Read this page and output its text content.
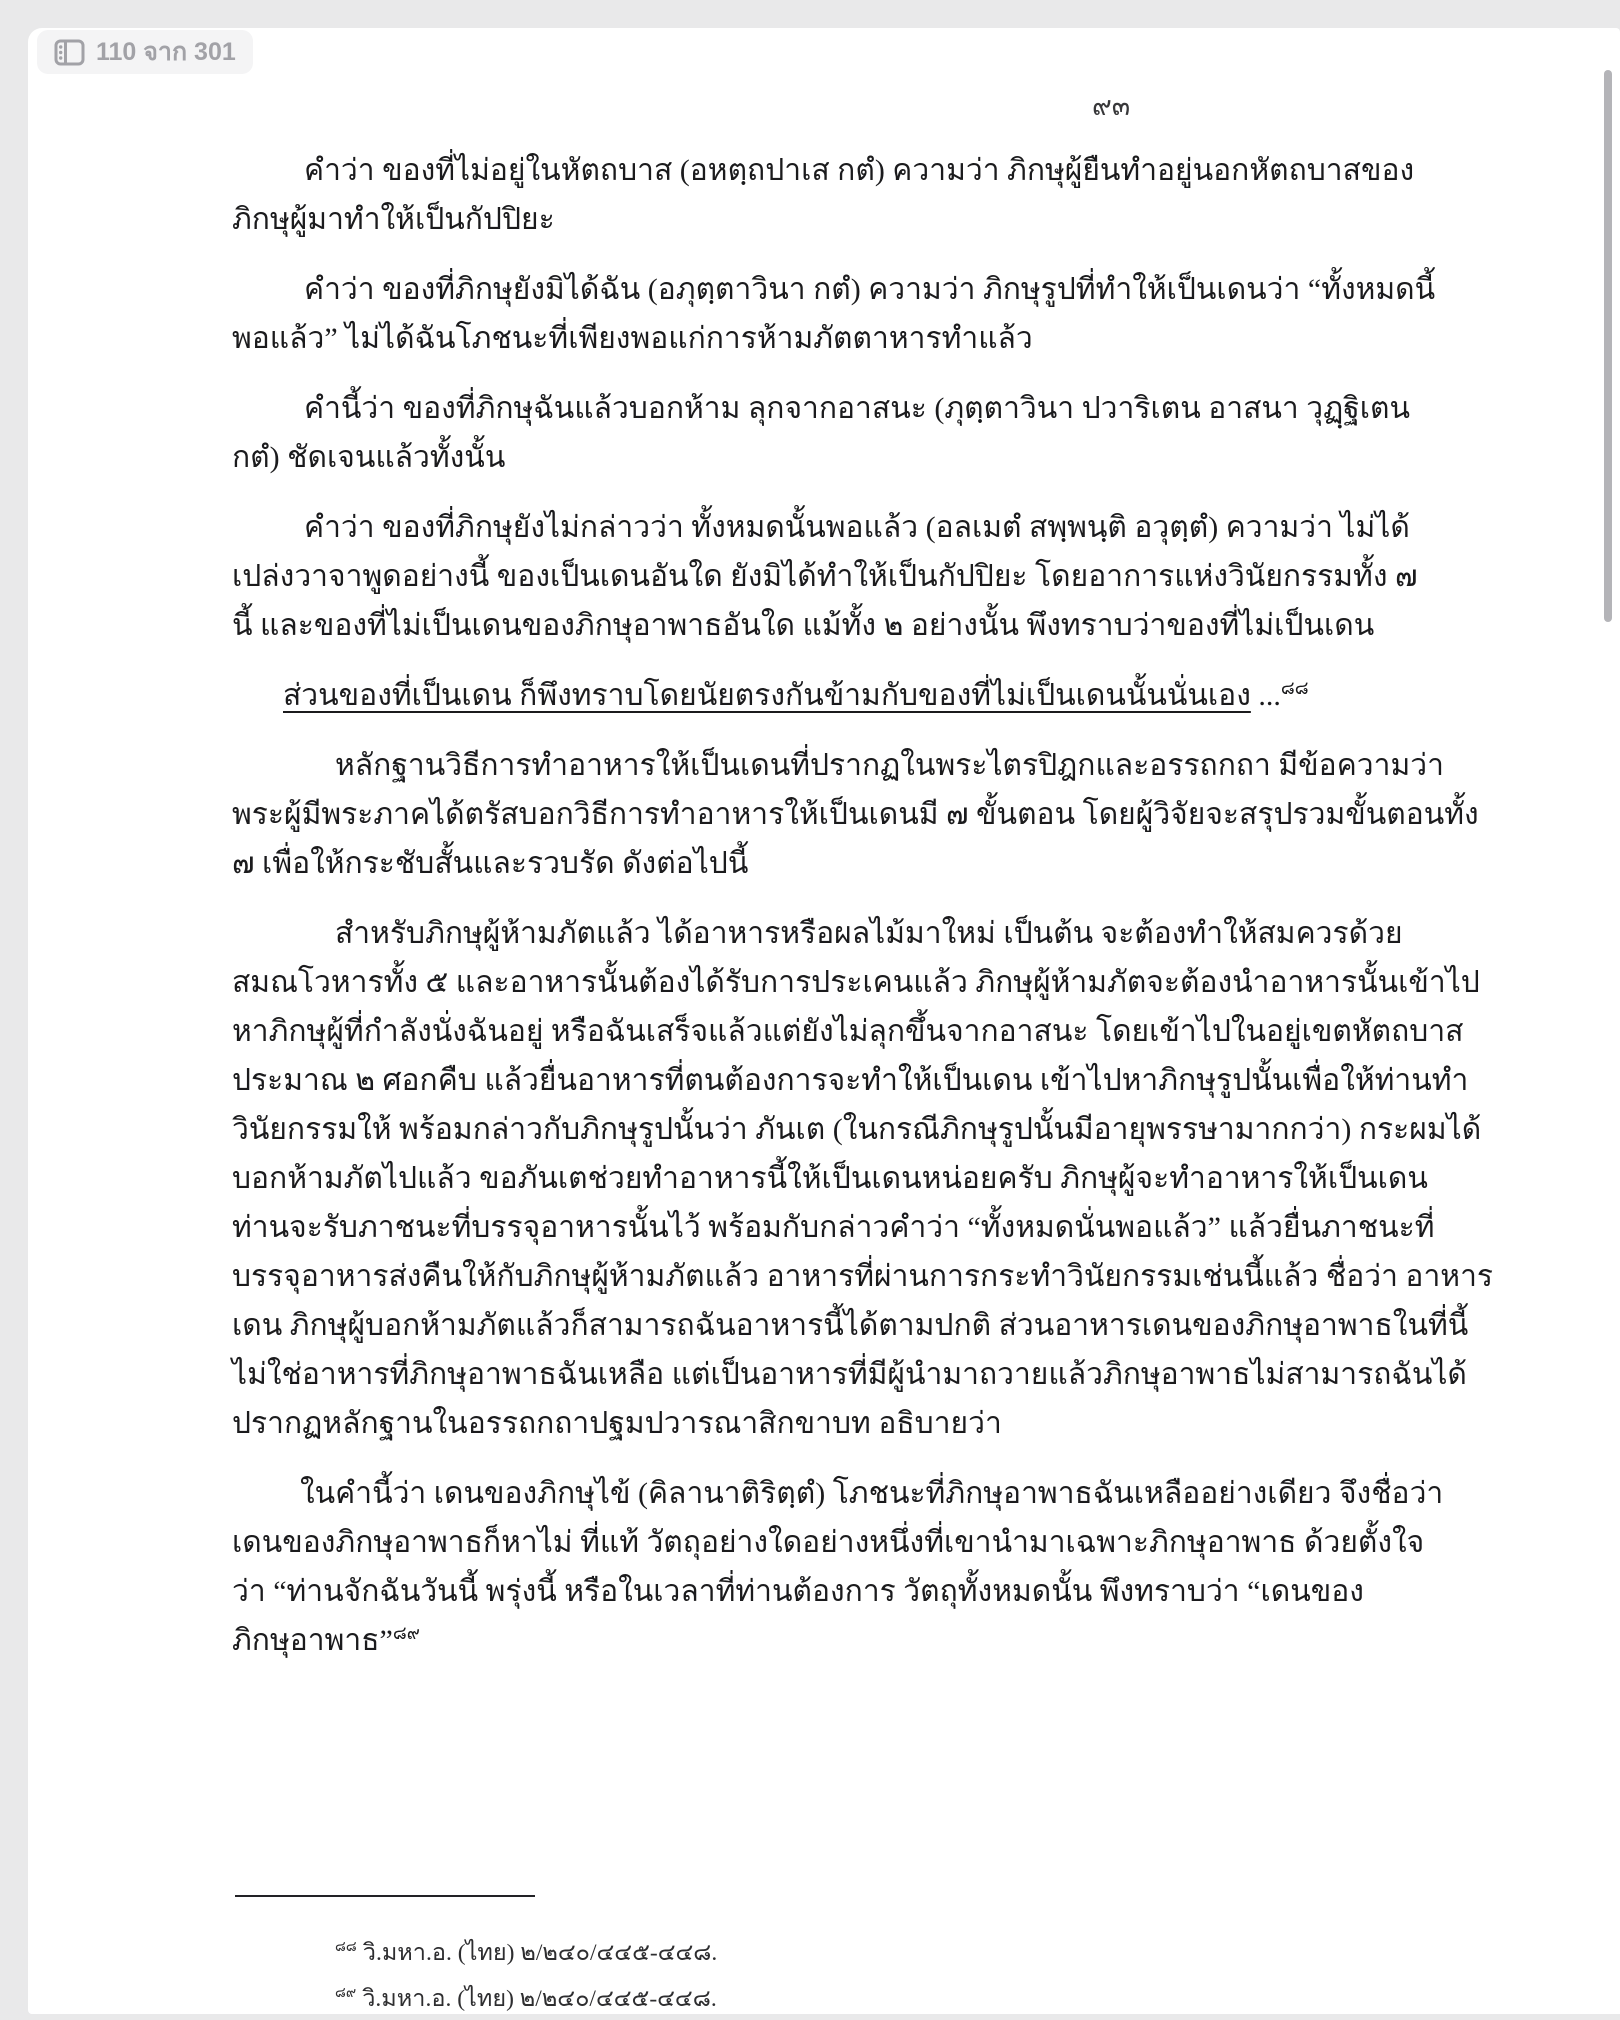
110 จาก 301
๙๓
คำว่า ของที่ไม่อยู่ในหัตถบาส (อหตฺถปาเส กตํ) ความว่า ภิกษุผู้ยืนทำอยู่นอกหัตถบาสของ
ภิกษุผู้มาทำให้เป็นกัปปิยะ
คำว่า ของที่ภิกษุยังมิได้ฉัน (อภุตฺตาวินา กตํ) ความว่า ภิกษุรูปที่ทำให้เป็นเดนว่า “ทั้งหมดนี้
พอแล้ว” ไม่ได้ฉันโภชนะที่เพียงพอแก่การห้ามภัตตาหารทำแล้ว
คำนี้ว่า ของที่ภิกษุฉันแล้วบอกห้าม ลุกจากอาสนะ (ภุตฺตาวินา ปวาริเตน อาสนา วุฏฺฐิเตน
กตํ) ชัดเจนแล้วทั้งนั้น
คำว่า ของที่ภิกษุยังไม่กล่าวว่า ทั้งหมดนั้นพอแล้ว (อลเมตํ สพฺพนฺติ อวุตฺตํ) ความว่า ไม่ได้
เปล่งวาจาพูดอย่างนี้ ของเป็นเดนอันใด ยังมิได้ทำให้เป็นกัปปิยะ โดยอาการแห่งวินัยกรรมทั้ง ๗
นี้ และของที่ไม่เป็นเดนของภิกษุอาพาธอันใด แม้ทั้ง ๒ อย่างนั้น พึงทราบว่าของที่ไม่เป็นเดน
ส่วนของที่เป็นเดน ก็พึงทราบโดยนัยตรงกันข้ามกับของที่ไม่เป็นเดนนั้นนั่นเอง ...$^{๘๘}$
หลักฐานวิธีการทำอาหารให้เป็นเดนที่ปรากฏในพระไตรปิฎกและอรรถกถา มีข้อความว่า
พระผู้มีพระภาคได้ตรัสบอกวิธีการทำอาหารให้เป็นเดนมี ๗ ขั้นตอน โดยผู้วิจัยจะสรุปรวมขั้นตอนทั้ง
๗ เพื่อให้กระชับสั้นและรวบรัด ดังต่อไปนี้
สำหรับภิกษุผู้ห้ามภัตแล้ว ได้อาหารหรือผลไม้มาใหม่ เป็นต้น จะต้องทำให้สมควรด้วย
สมณโวหารทั้ง ๕ และอาหารนั้นต้องได้รับการประเคนแล้ว ภิกษุผู้ห้ามภัตจะต้องนำอาหารนั้นเข้าไป
หาภิกษุผู้ที่กำลังนั่งฉันอยู่ หรือฉันเสร็จแล้วแต่ยังไม่ลุกขึ้นจากอาสนะ โดยเข้าไปในอยู่เขตหัตถบาส
ประมาณ ๒ ศอกคืบ แล้วยื่นอาหารที่ตนต้องการจะทำให้เป็นเดน เข้าไปหาภิกษุรูปนั้นเพื่อให้ท่านทำ
วินัยกรรมให้ พร้อมกล่าวกับภิกษุรูปนั้นว่า ภันเต (ในกรณีภิกษุรูปนั้นมีอายุพรรษามากกว่า) กระผมได้
บอกห้ามภัตไปแล้ว ขอภันเตช่วยทำอาหารนี้ให้เป็นเดนหน่อยครับ ภิกษุผู้จะทำอาหารให้เป็นเดน
ท่านจะรับภาชนะที่บรรจุอาหารนั้นไว้ พร้อมกับกล่าวคำว่า “ทั้งหมดนั่นพอแล้ว” แล้วยื่นภาชนะที่
บรรจุอาหารส่งคืนให้กับภิกษุผู้ห้ามภัตแล้ว อาหารที่ผ่านการกระทำวินัยกรรมเช่นนี้แล้ว ชื่อว่า อาหาร
เดน ภิกษุผู้บอกห้ามภัตแล้วก็สามารถฉันอาหารนี้ได้ตามปกติ ส่วนอาหารเดนของภิกษุอาพาธในที่นี้
ไม่ใช่อาหารที่ภิกษุอาพาธฉันเหลือ แต่เป็นอาหารที่มีผู้นำมาถวายแล้วภิกษุอาพาธไม่สามารถฉันได้
ปรากฏหลักฐานในอรรถกถาปฐมปวารณาสิกขาบท อธิบายว่า
ในคำนี้ว่า เดนของภิกษุไข้ (คิลานาติริตฺตํ) โภชนะที่ภิกษุอาพาธฉันเหลืออย่างเดียว จึงชื่อว่า
เดนของภิกษุอาพาธก็หาไม่ ที่แท้ วัตถุอย่างใดอย่างหนึ่งที่เขานำมาเฉพาะภิกษุอาพาธ ด้วยตั้งใจ
ว่า “ท่านจักฉันวันนี้ พรุ่งนี้ หรือในเวลาที่ท่านต้องการ วัตถุทั้งหมดนั้น พึงทราบว่า “เดนของ
ภิกษุอาพาธ”$^{๘๙}$
$^{๘๘}$ วิ.มหา.อ. (ไทย) ๒/๒๔๐/๔๔๕-๔๔๘.
$^{๘๙}$ วิ.มหา.อ. (ไทย) ๒/๒๔๐/๔๔๕-๔๔๘.
